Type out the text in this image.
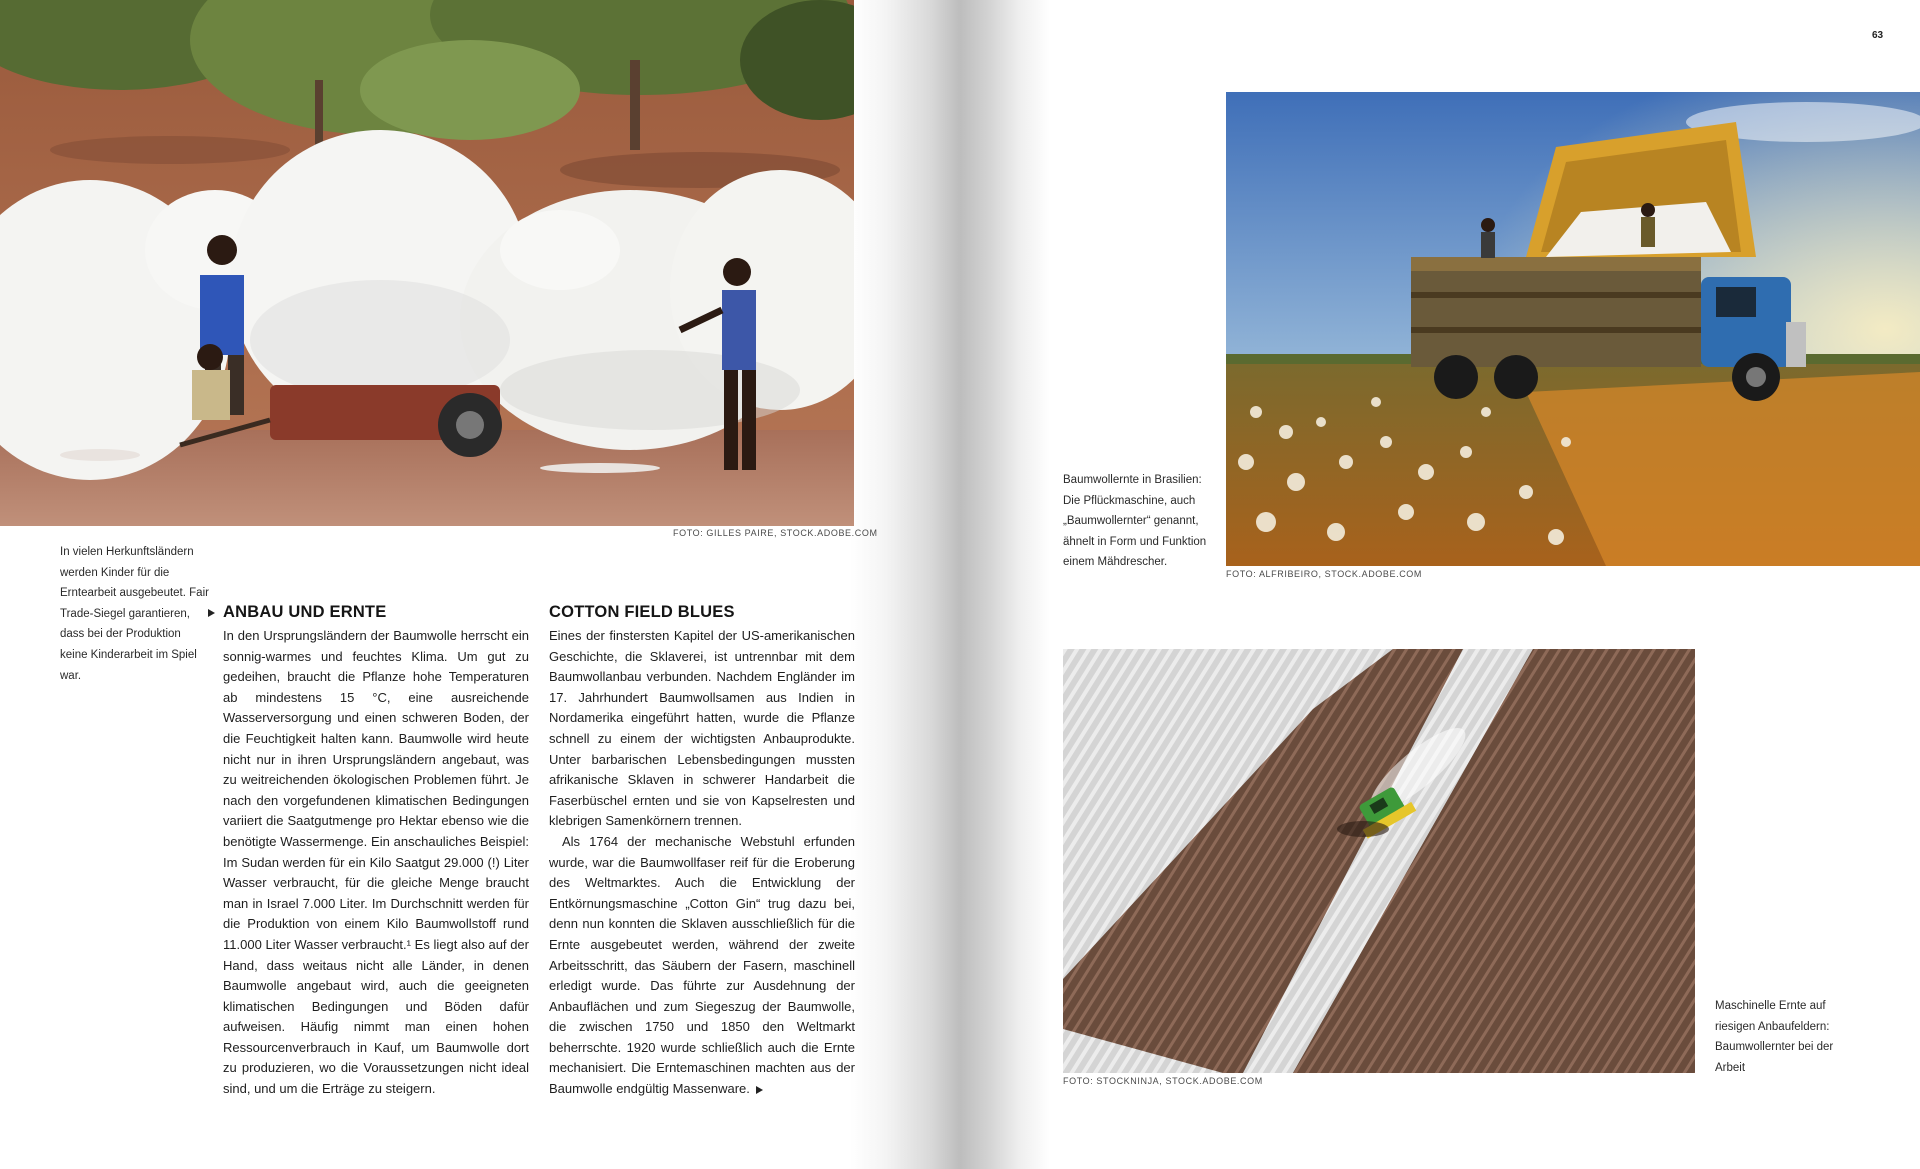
FOTO: GILLES PAIRE, STOCK.ADOBE.COM
In vielen Herkunftsländern werden Kinder für die Erntearbeit ausgebeutet. Fair Trade-Siegel garantieren, dass bei der Produktion keine Kinderarbeit im Spiel war.
ANBAU UND ERNTE

In den Ursprungsländern der Baumwolle herrscht ein sonnig-warmes und feuchtes Klima. Um gut zu gedeihen, braucht die Pflanze hohe Temperaturen ab mindestens 15 °C, eine ausreichende Wasserversorgung und einen schweren Boden, der die Feuchtigkeit halten kann. Baumwolle wird heute nicht nur in ihren Ursprungsländern angebaut, was zu weitreichenden ökologischen Problemen führt. Je nach den vorgefundenen klimatischen Bedingungen variiert die Saatgutmenge pro Hektar ebenso wie die benötigte Wassermenge. Ein anschauliches Beispiel: Im Sudan werden für ein Kilo Saatgut 29.000 (!) Liter Wasser verbraucht, für die gleiche Menge braucht man in Israel 7.000 Liter. Im Durchschnitt werden für die Produktion von einem Kilo Baumwollstoff rund 11.000 Liter Wasser verbraucht.¹ Es liegt also auf der Hand, dass weitaus nicht alle Länder, in denen Baumwolle angebaut wird, auch die geeigneten klimatischen Bedingungen und Böden dafür aufweisen. Häufig nimmt man einen hohen Ressourcenverbrauch in Kauf, um Baumwolle dort zu produzieren, wo die Voraussetzungen nicht ideal sind, und um die Erträge zu steigern.

COTTON FIELD BLUES

Eines der finstersten Kapitel der US-amerikanischen Geschichte, die Sklaverei, ist untrennbar mit dem Baumwollanbau verbunden. Nachdem Engländer im 17. Jahrhundert Baumwollsamen aus Indien in Nordamerika eingeführt hatten, wurde die Pflanze schnell zu einem der wichtigsten Anbauprodukte. Unter barbarischen Lebensbedingungen mussten afrikanische Sklaven in schwerer Handarbeit die Faserbüschel ernten und sie von Kapselresten und klebrigen Samenkörnern trennen.

Als 1764 der mechanische Webstuhl erfunden wurde, war die Baumwollfaser reif für die Eroberung des Weltmarktes. Auch die Entwicklung der Entkörnungsmaschine „Cotton Gin“ trug dazu bei, denn nun konnten die Sklaven ausschließlich für die Ernte ausgebeutet werden, während der zweite Arbeitsschritt, das Säubern der Fasern, maschinell erledigt wurde. Das führte zur Ausdehnung der Anbauflächen und zum Siegeszug der Baumwolle, die zwischen 1750 und 1850 den Weltmarkt beherrschte. 1920 wurde schließlich auch die Ernte mechanisiert. Die Erntemaschinen machten aus der Baumwolle endgültig Massenware.

63
FOTO: ALFRIBEIRO, STOCK.ADOBE.COM
Baumwollernte in Brasilien: Die Pflückmaschine, auch „Baumwollernter“ genannt, ähnelt in Form und Funktion einem Mähdrescher.
FOTO: STOCKNINJA, STOCK.ADOBE.COM
Maschinelle Ernte auf riesigen Anbaufeldern: Baumwollernter bei der Arbeit
